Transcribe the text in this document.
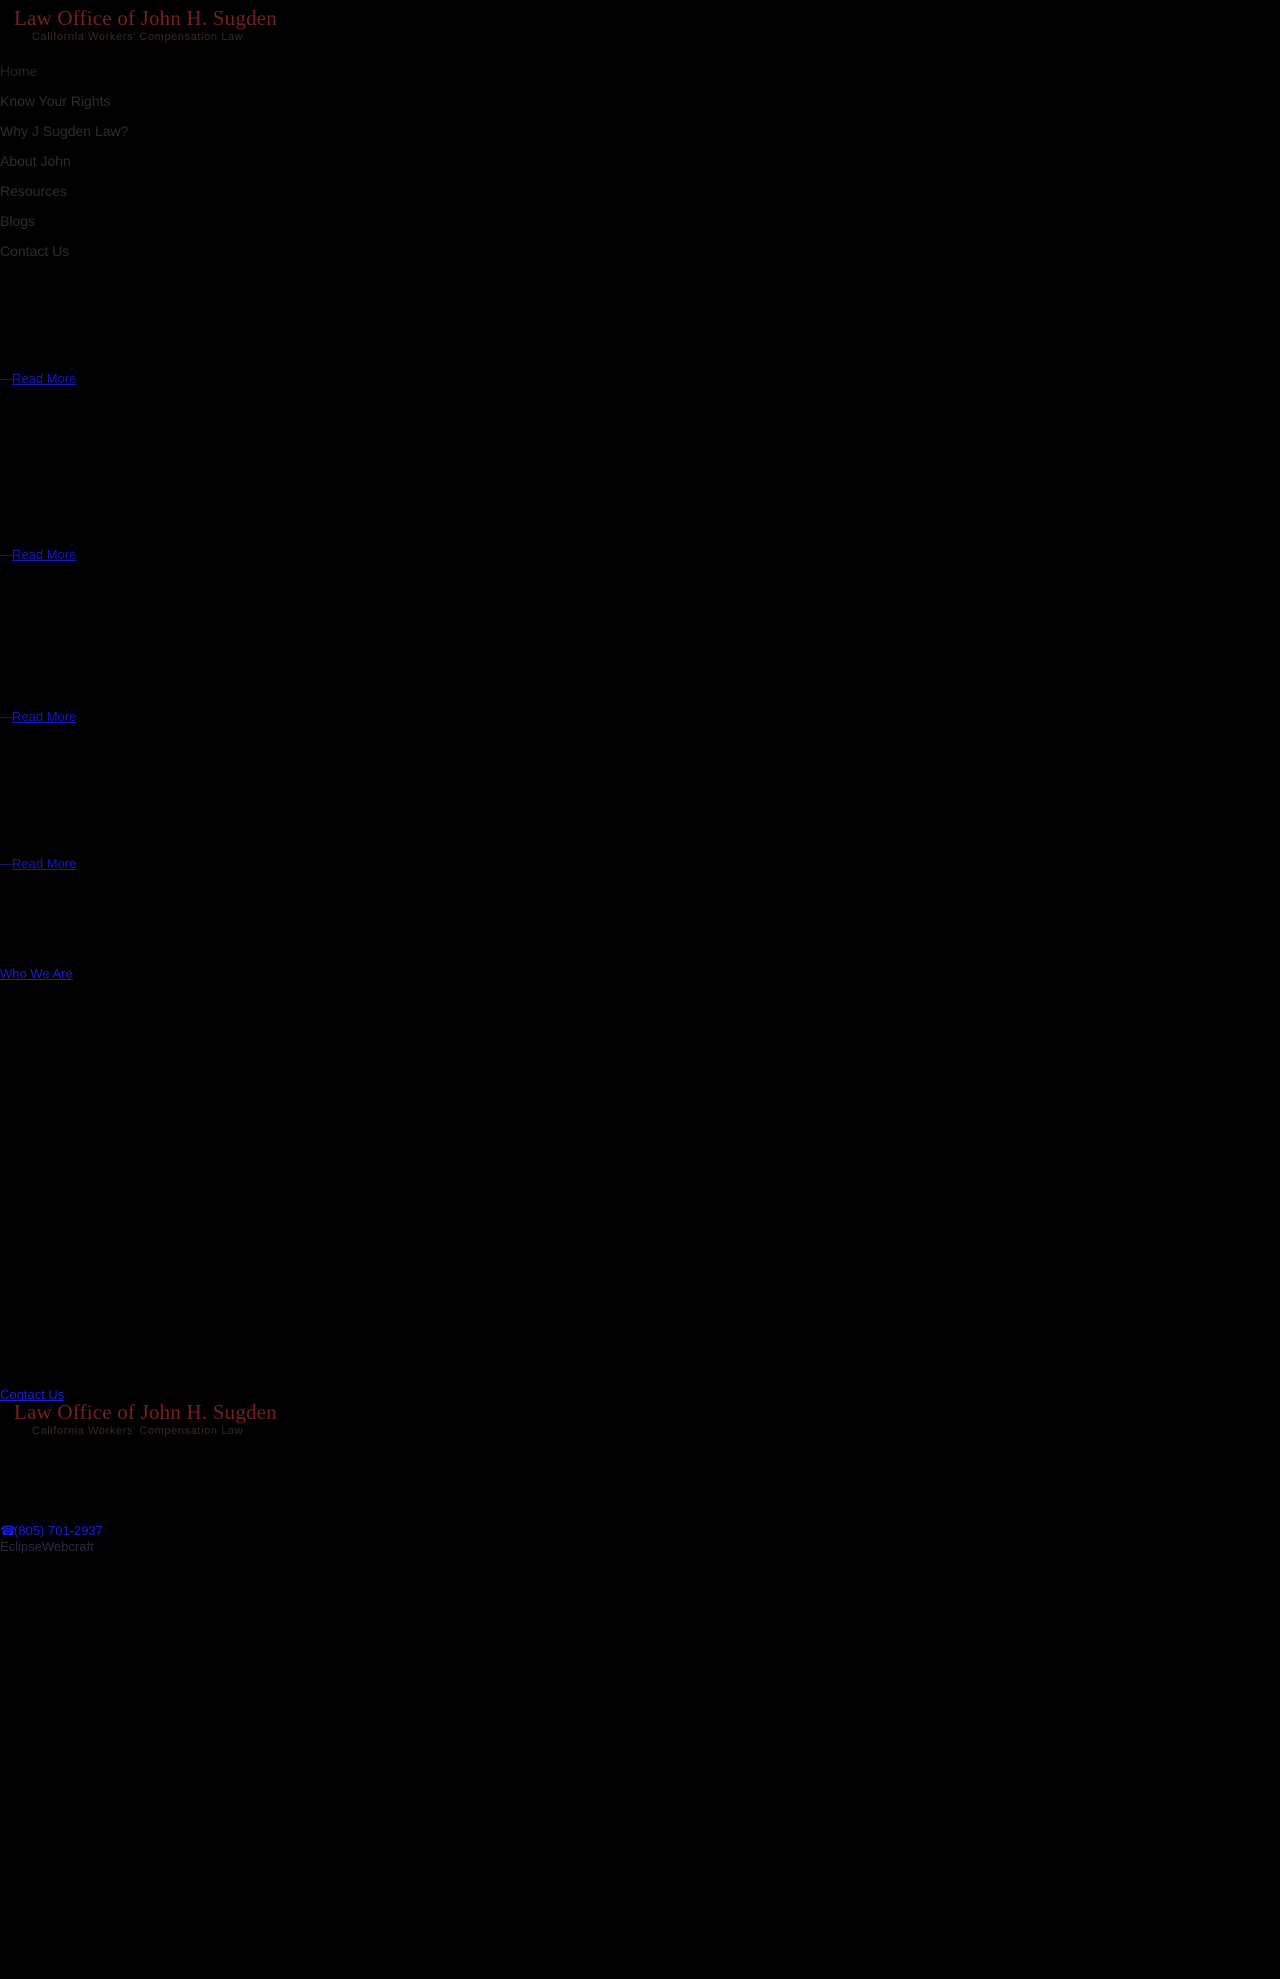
Law Office of John H. Sugden
California Workers' Compensation Law
Home
Know Your Rights
Why J Sugden Law?
About John
Resources
Blogs
Contact Us
—Read More
—Read More
—Read More
—Read More
Who We Are
Contact Us
Law Office of John H. Sugden
California Workers' Compensation Law
☎(805) 701-2937
EclipseWebcraft
